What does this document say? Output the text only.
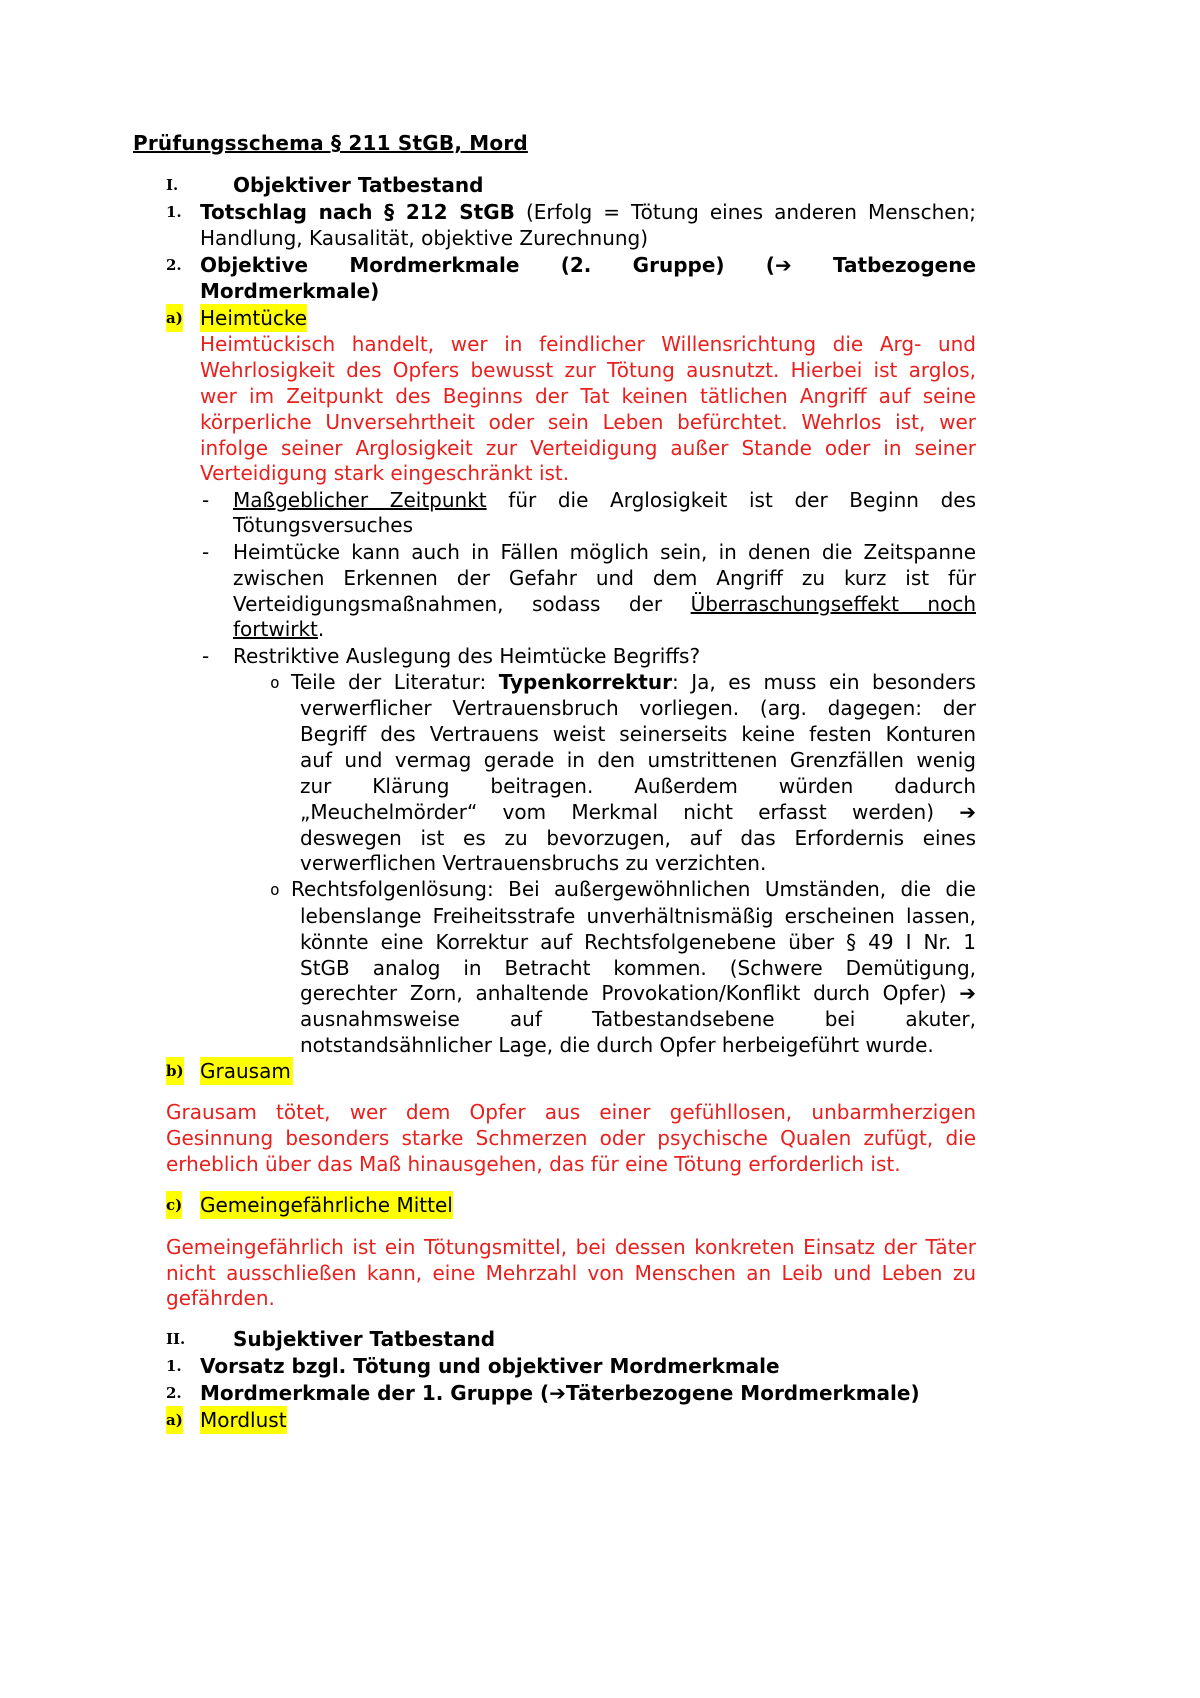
Prüfungsschema § 211 StGB, Mord
I.	Objektiver Tatbestand
1. Totschlag nach § 212 StGB (Erfolg = Tötung eines anderen Menschen;
Handlung, Kausalität, objektive Zurechnung)
2. Objektive Mordmerkmale (2. Gruppe) (➔ Tatbezogene
Mordmerkmale)
a) Heimtücke
Heimtückisch handelt, wer in feindlicher Willensrichtung die Arg- und
Wehrlosigkeit des Opfers bewusst zur Tötung ausnutzt. Hierbei ist arglos,
wer im Zeitpunkt des Beginns der Tat keinen tätlichen Angriff auf seine
körperliche Unversehrtheit oder sein Leben befürchtet. Wehrlos ist, wer
infolge seiner Arglosigkeit zur Verteidigung außer Stande oder in seiner
Verteidigung stark eingeschränkt ist.
- Maßgeblicher Zeitpunkt für die Arglosigkeit ist der Beginn des
Tötungsversuches
- Heimtücke kann auch in Fällen möglich sein, in denen die Zeitspanne
zwischen Erkennen der Gefahr und dem Angriff zu kurz ist für
Verteidigungsmaßnahmen, sodass der Überraschungseffekt noch
fortwirkt.
- Restriktive Auslegung des Heimtücke Begriffs?
o Teile der Literatur: Typenkorrektur: Ja, es muss ein besonders
verwerflicher Vertrauensbruch vorliegen. (arg. dagegen: der
Begriff des Vertrauens weist seinerseits keine festen Konturen
auf und vermag gerade in den umstrittenen Grenzfällen wenig
zur Klärung beitragen. Außerdem würden dadurch
„Meuchelmörder“ vom Merkmal nicht erfasst werden) ➔
deswegen ist es zu bevorzugen, auf das Erfordernis eines
verwerflichen Vertrauensbruchs zu verzichten.
o Rechtsfolgenlösung: Bei außergewöhnlichen Umständen, die die
lebenslange Freiheitsstrafe unverhältnismäßig erscheinen lassen,
könnte eine Korrektur auf Rechtsfolgenebene über § 49 I Nr. 1
StGB analog in Betracht kommen. (Schwere Demütigung,
gerechter Zorn, anhaltende Provokation/Konflikt durch Opfer) ➔
ausnahmsweise auf Tatbestandsebene bei akuter,
notstandsähnlicher Lage, die durch Opfer herbeigeführt wurde.
b) Grausam
Grausam tötet, wer dem Opfer aus einer gefühllosen, unbarmherzigen
Gesinnung besonders starke Schmerzen oder psychische Qualen zufügt, die
erheblich über das Maß hinausgehen, das für eine Tötung erforderlich ist.
c) Gemeingefährliche Mittel
Gemeingefährlich ist ein Tötungsmittel, bei dessen konkreten Einsatz der Täter
nicht ausschließen kann, eine Mehrzahl von Menschen an Leib und Leben zu
gefährden.
II. Subjektiver Tatbestand
1. Vorsatz bzgl. Tötung und objektiver Mordmerkmale
2. Mordmerkmale der 1. Gruppe (➔Täterbezogene Mordmerkmale)
a) Mordlust
